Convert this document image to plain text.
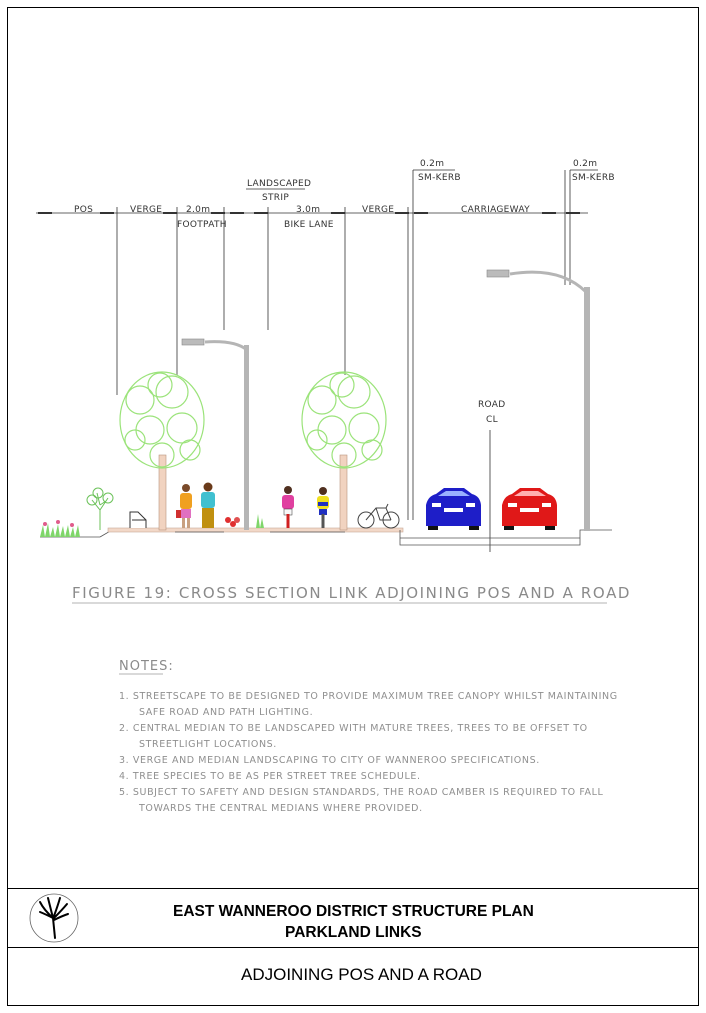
POS	VERGE	2.0m
FOOTPATH
LANDSCAPED
STRIP
3.0m
BIKE LANE
VERGE
0.2m
SM-KERB
CARRIAGEWAY
0.2m
SM-KERB
ROAD
CL
FIGURE 19: CROSS SECTION LINK ADJOINING POS AND A ROAD
NOTES:
1. STREETSCAPE TO BE DESIGNED TO PROVIDE MAXIMUM TREE CANOPY WHILST MAINTAINING
SAFE ROAD AND PATH LIGHTING.
2. CENTRAL MEDIAN TO BE LANDSCAPED WITH MATURE TREES, TREES TO BE OFFSET TO
STREETLIGHT LOCATIONS.
3. VERGE AND MEDIAN LANDSCAPING TO CITY OF WANNEROO SPECIFICATIONS.
4. TREE SPECIES TO BE AS PER STREET TREE SCHEDULE.
5. SUBJECT TO SAFETY AND DESIGN STANDARDS, THE ROAD CAMBER IS REQUIRED TO FALL
TOWARDS THE CENTRAL MEDIANS WHERE PROVIDED.
EAST WANNEROO DISTRICT STRUCTURE PLAN
PARKLAND LINKS
ADJOINING POS AND A ROAD
